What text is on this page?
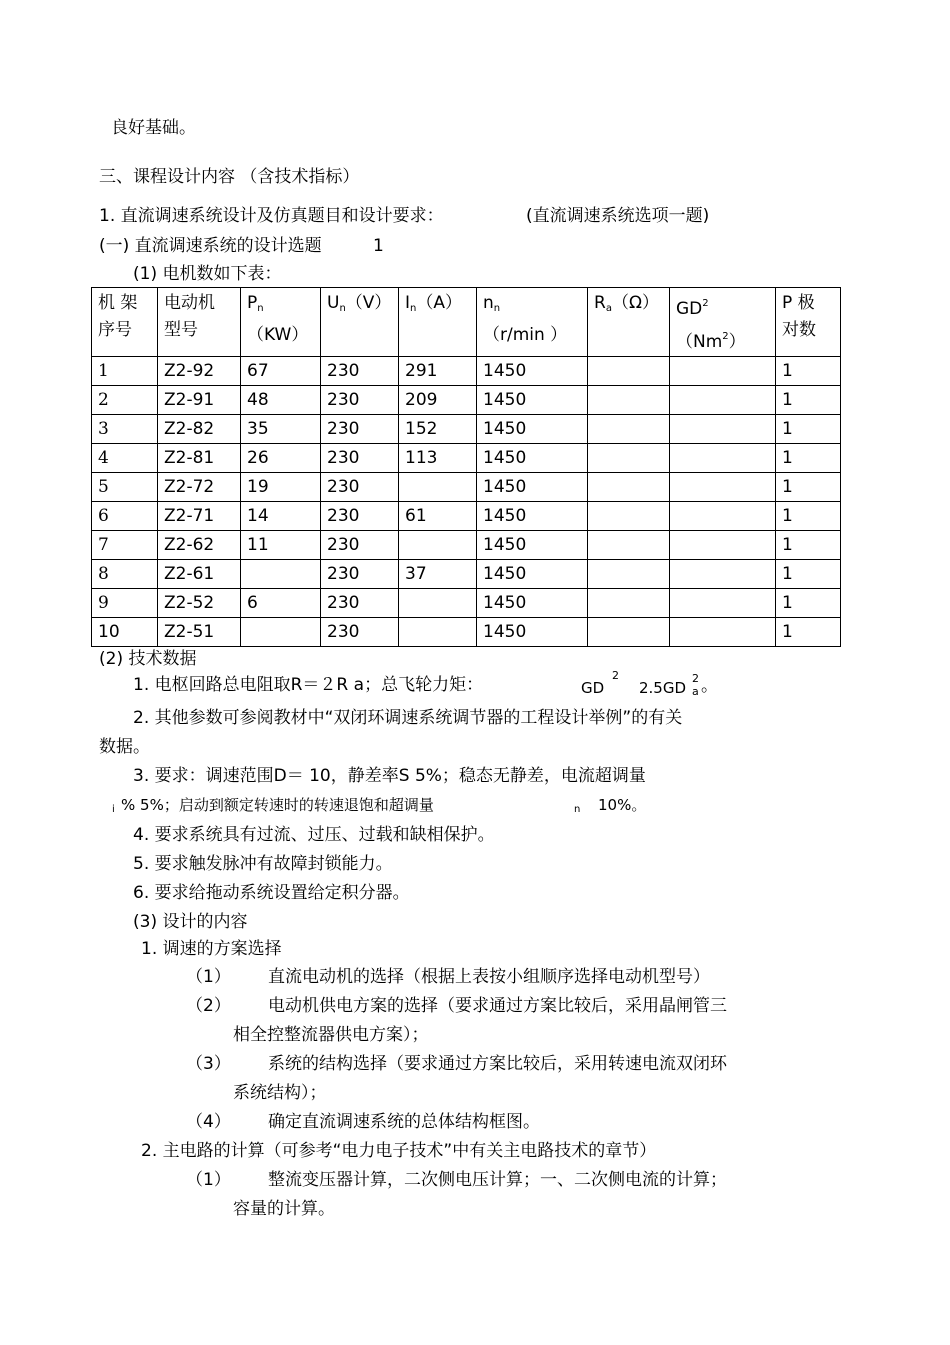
良好基础。
三、课程设计内容 （含技术指标）
1. 直流调速系统设计及仿真题目和设计要求：	(直流调速系统选项一题)
(一) 直流调速系统的设计选题	1
(1) 电机数如下表：
机 架 序号	电动机 型号	$P_n(KW)$	$U_n(V)$	$I_n(A)$	$n_n(r/\min$ ）	$R_a(\Omega)$	$GD^2(Nm^2)$	P 极 对数
1	Z2-92	67	230	291	1450			1
2	Z2-91	48	230	209	1450			1
3	Z2-82	35	230	152	1450			1
4	Z2-81	26	230	113	1450			1
5	Z2-72	19	230		1450			1
6	Z2-71	14	230	61	1450			1
7	Z2-62	11	230		1450			1
8	Z2-61		230	37	1450			1
9	Z2-52	6	230		1450			1
10	Z2-51		230		1450			1
(2) 技术数据
1. 电枢回路总电阻取R＝２R a；总飞轮力矩：	GD
2
2.5GD
2
a 。
2. 其他参数可参阅教材中“双闭环调速系统调节器的工程设计举例”的有关
数据。
3. 要求：调速范围D＝ 10，静差率S 5%；稳态无静差，电流超调量
i % 5%；启动到额定转速时的转速退饱和超调量	n 10%。
4. 要求系统具有过流、过压、过载和缺相保护。
5. 要求触发脉冲有故障封锁能力。
6. 要求给拖动系统设置给定积分器。
(3) 设计的内容
1. 调速的方案选择
（1） 直流电动机的选择（根据上表按小组顺序选择电动机型号）
（2） 电动机供电方案的选择（要求通过方案比较后，采用晶闸管三
相全控整流器供电方案）；
（3） 系统的结构选择（要求通过方案比较后，采用转速电流双闭环
系统结构）；
（4） 确定直流调速系统的总体结构框图。
2. 主电路的计算（可参考“电力电子技术”中有关主电路技术的章节）
（1） 整流变压器计算，二次侧电压计算；一、二次侧电流的计算；
容量的计算。
